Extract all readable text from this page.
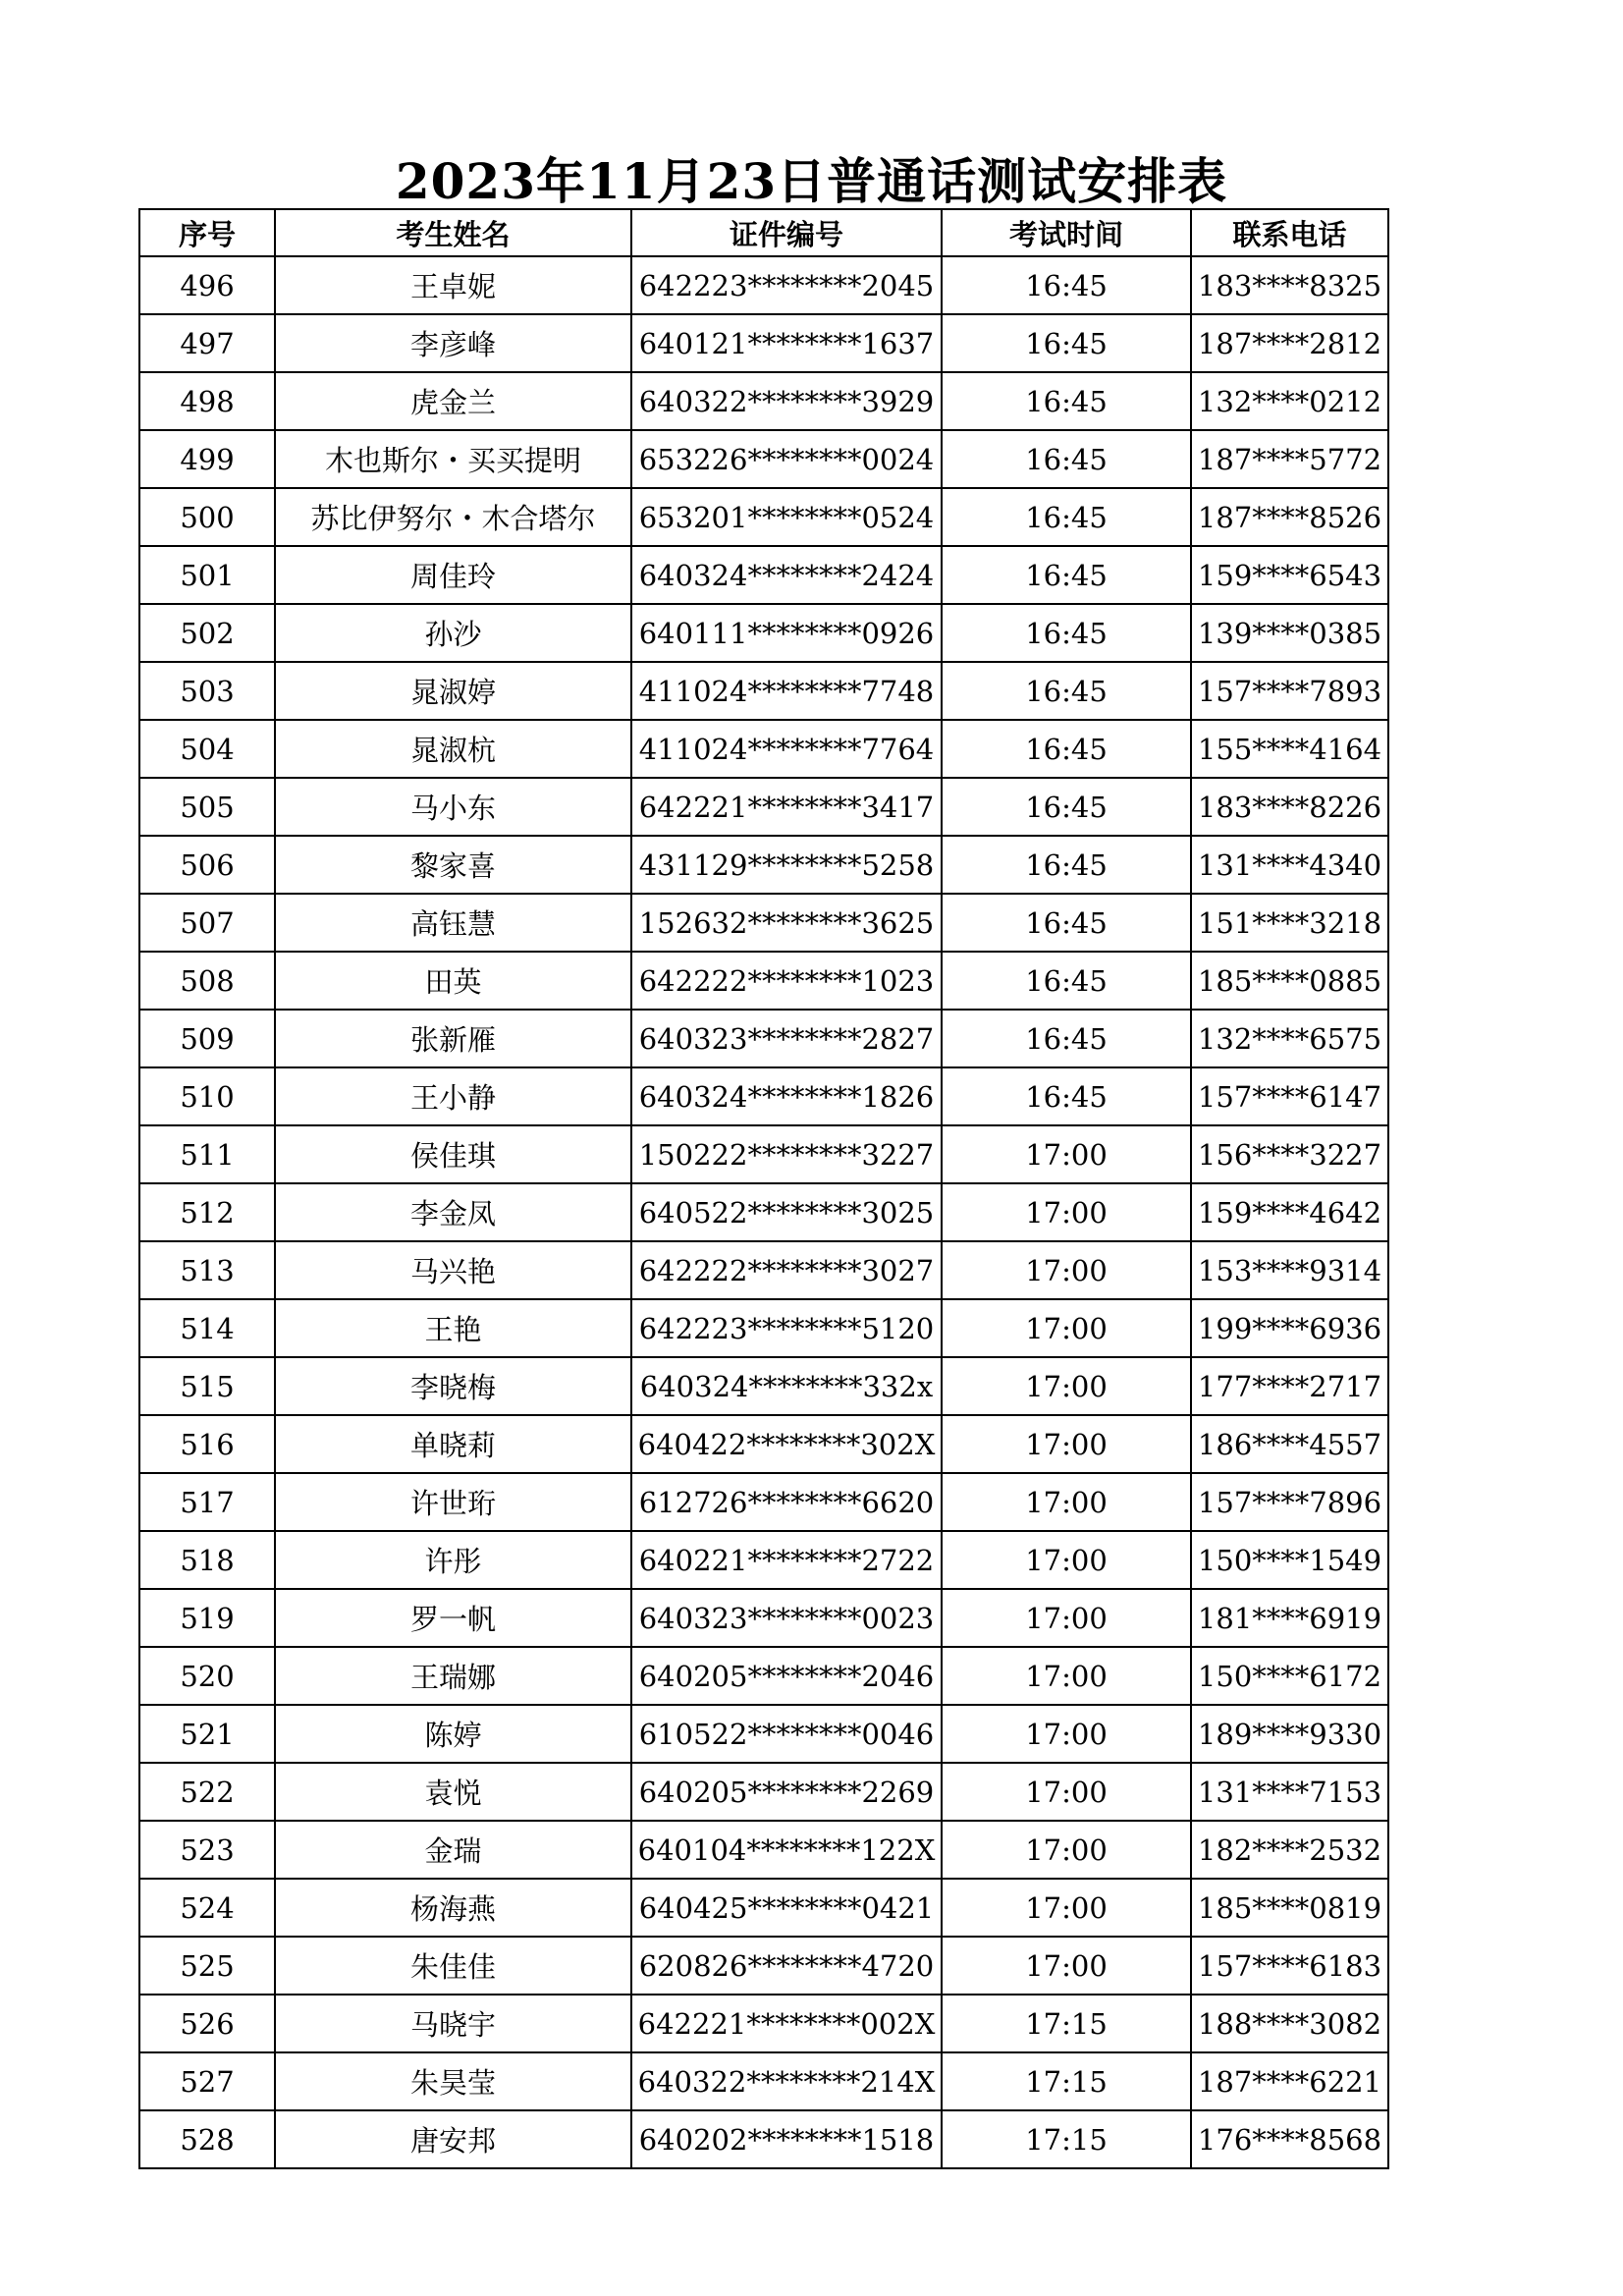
2023年11月23日普通话测试安排表
序号	考生姓名	证件编号	考试时间	联系电话
496	王卓妮	642223********2045	16:45	183****8325
497	李彦峰	640121********1637	16:45	187****2812
498	虎金兰	640322********3929	16:45	132****0212
499	木也斯尔・买买提明	653226********0024	16:45	187****5772
500	苏比伊努尔・木合塔尔	653201********0524	16:45	187****8526
501	周佳玲	640324********2424	16:45	159****6543
502	孙沙	640111********0926	16:45	139****0385
503	晁淑婷	411024********7748	16:45	157****7893
504	晁淑杭	411024********7764	16:45	155****4164
505	马小东	642221********3417	16:45	183****8226
506	黎家喜	431129********5258	16:45	131****4340
507	高钰慧	152632********3625	16:45	151****3218
508	田英	642222********1023	16:45	185****0885
509	张新雁	640323********2827	16:45	132****6575
510	王小静	640324********1826	16:45	157****6147
511	侯佳琪	150222********3227	17:00	156****3227
512	李金凤	640522********3025	17:00	159****4642
513	马兴艳	642222********3027	17:00	153****9314
514	王艳	642223********5120	17:00	199****6936
515	李晓梅	640324********332x	17:00	177****2717
516	单晓莉	640422********302X	17:00	186****4557
517	许世珩	612726********6620	17:00	157****7896
518	许彤	640221********2722	17:00	150****1549
519	罗一帆	640323********0023	17:00	181****6919
520	王瑞娜	640205********2046	17:00	150****6172
521	陈婷	610522********0046	17:00	189****9330
522	袁悦	640205********2269	17:00	131****7153
523	金瑞	640104********122X	17:00	182****2532
524	杨海燕	640425********0421	17:00	185****0819
525	朱佳佳	620826********4720	17:00	157****6183
526	马晓宇	642221********002X	17:15	188****3082
527	朱昊莹	640322********214X	17:15	187****6221
528	唐安邦	640202********1518	17:15	176****8568
